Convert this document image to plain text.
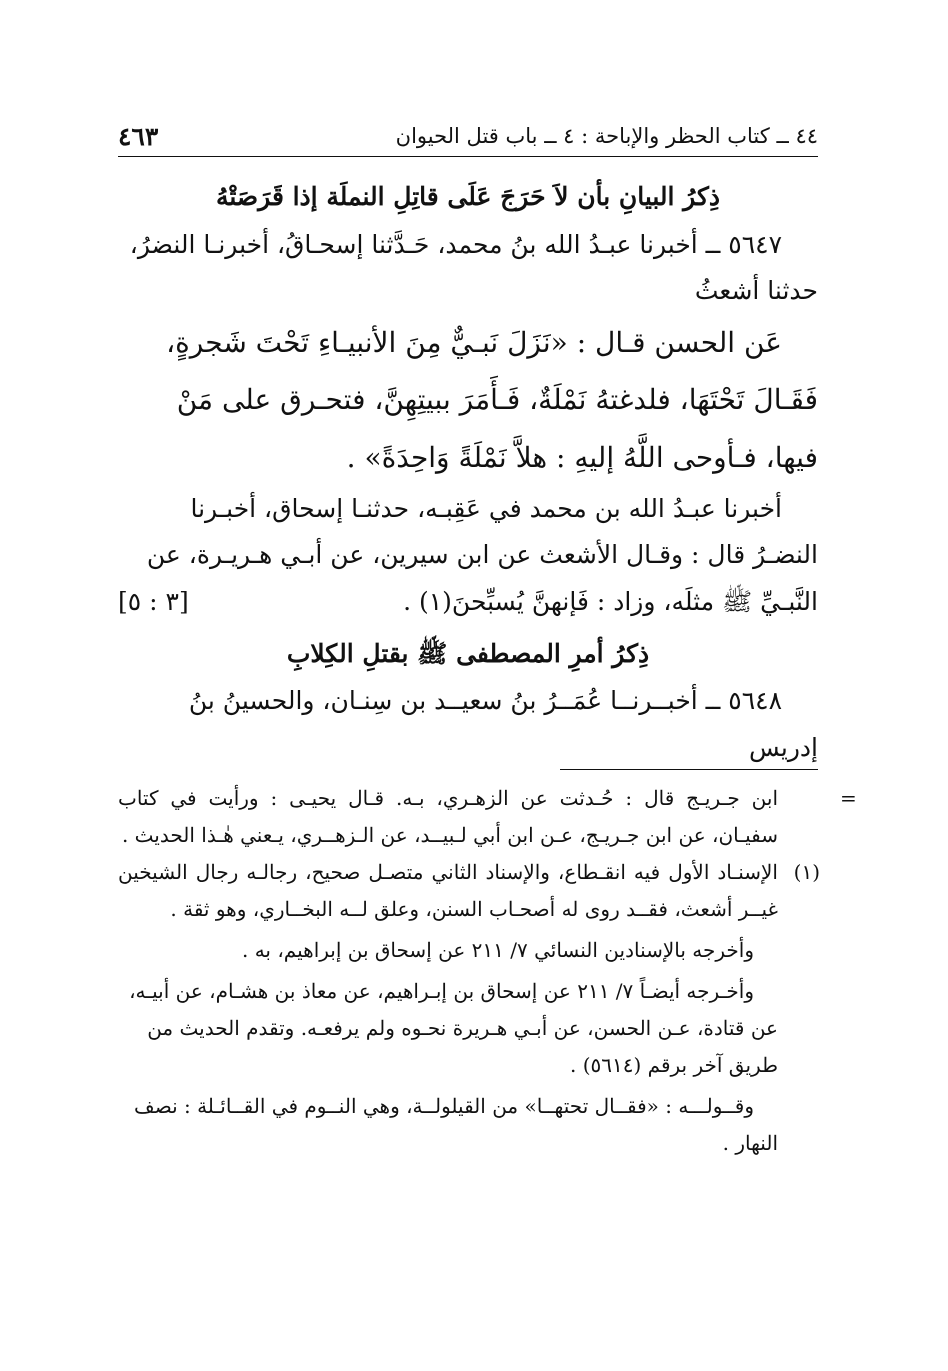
٤٤ ــ كتاب الحظر والإباحة : ٤ ــ باب قتل الحيوان
٤٦٣
ذِكرُ البيانِ بأن لاَ حَرَجَ عَلَى قاتِلِ النملَة إذا قَرَصَتْهُ

٥٦٤٧ ــ أخبرنا عبـدُ الله بنُ محمد، حَـدَّثنا إسحـاقُ، أخبرنـا النضرُ،

حدثنا أشعثُ

عَن الحسن قـال : «نَزَلَ نَبـيٌّ مِنَ الأنبيـاءِ تَحْتَ شَجرةٍ، فَقَـالَ تَحْتَهَا، فلدغتهُ نَمْلَةٌ، فَـأَمَرَ ببيتِهِنَّ، فتحـرق على مَنْ فيها، فـأوحى اللَّهُ إليهِ : هلاَّ نَمْلَةً وَاحِدَةً» .

أخبرنا عبـدُ الله بن محمد في عَقِبـه، حدثنـا إسحاق، أخبـرنا النضـرُ قال : وقـال الأشعث عن ابن سيرين، عن أبـي هـريـرة، عن

النَّبـيِّ ﷺ مثلَه، وزاد : فَإنهنَّ يُسبِّحنَ(١) .
[٣ : ٥]
ذِكرُ أمرِ المصطفى ﷺ بقتلِ الكِلابِ

٥٦٤٨ ــ أخبــرنــا عُمَــرُ بنُ سعيــد بن سِنـان، والحسينُ بنُ إدريس

=
ابن جـريـج قال : حُـدثت عن الزهـري، بـه. قـال يحيـى : ورأيت في كتاب سفيـان، عن ابن جـريـج، عـن ابن أبي لـبيــد، عن الـزهــري، يـعني هٰـذا الحديث .
(١)
الإسنـاد الأول فيه انقـطاع، والإسناد الثاني متصـل صحيح، رجالـه رجال الشيخين غيــر أشعث، فقــد روى له أصحـاب السنن، وعلق لــه البخــاري، وهو ثقة .

وأخرجه بالإسنادين النسائي ٧/ ٢١١ عن إسحاق بن إبراهيم، به .

وأخـرجه أيضـاً ٧/ ٢١١ عن إسحاق بن إبـراهيم، عن معاذ بن هشـام، عن أبيـه، عن قتادة، عـن الحسن، عن أبـي هـريرة نحـوه ولم يرفعـه. وتقدم الحديث من طريق آخر برقم (٥٦١٤) .

وقــولـــه : «فقــال تحتهــا» من القيلولــة، وهي النــوم في القــائـلة : نصف النهار .
